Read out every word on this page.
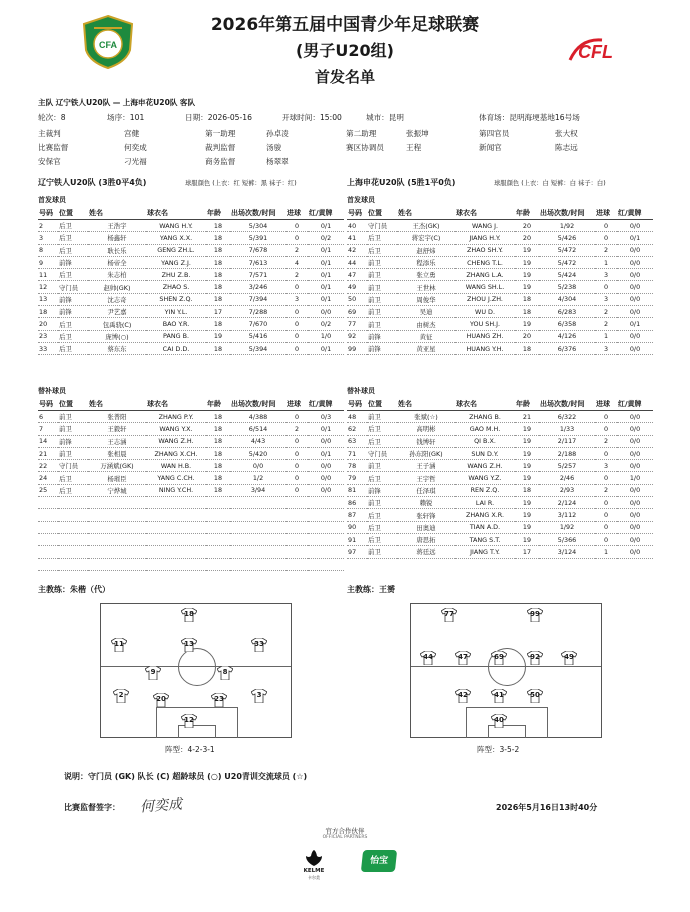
CFA
2026年第五届中国青少年足球联赛
(男子U20组)
首发名单
CFL
主队 辽宁铁人U20队 — 上海申花U20队 客队
轮次：8	场序：101	日期：2026-05-16	开球时间：15:00	城市：昆明	体育场：昆明海埂基地16号场
主裁判	宫健	第一助理	孙卓凌	第二助理	张振坤	第四官员	张大权
比赛监督	何奕成	裁判监督	汤骏	赛区协调员	王程	新闻官	陈志远
安保官	刁光福	商务监督	杨翠翠
辽宁铁人U20队 (3胜0平4负)	球服颜色 (上衣：红 短裤：黑 袜子：红)
首发球员
上海申花U20队 (5胜1平0负)	球服颜色 (上衣：白 短裤：白 袜子：白)
首发球员
号码	位置	姓名	球衣名	年龄	出场次数/时间	进球	红/黄牌
2	后卫	王浩宇	WANG H.Y.	18	5/304	0	0/1
3	后卫	杨鑫轩	YANG X.X.	18	5/391	0	0/2
8	后卫	耿长乐	GENG ZH.L.	18	7/678	2	0/1
9	前锋	杨帝全	YANG Z.J.	18	7/613	4	0/1
11	后卫	朱志柏	ZHU Z.B.	18	7/571	2	0/1
12	守门员	赵帅(GK)	ZHAO S.	18	3/246	0	0/1
13	前锋	沈志奇	SHEN Z.Q.	18	7/394	3	0/1
18	前锋	尹艺嘉	YIN Y.L.	17	7/288	0	0/0
20	后卫	包禹骁(C)	BAO Y.R.	18	7/670	0	0/2
23	后卫	庞博(○)	PANG B.	19	5/416	0	1/0
33	后卫	蔡东东	CAI D.D.	18	5/394	0	0/1
号码	位置	姓名	球衣名	年龄	出场次数/时间	进球	红/黄牌
40	守门员	王杰(GK)	WANG J.	20	1/92	0	0/0
41	后卫	蒋宏宇(C)	JIANG H.Y.	20	5/426	0	0/1
42	后卫	赵舒炜	ZHAO SH.Y.	19	5/472	2	0/0
44	前卫	程添乐	CHENG T.L.	19	5/472	1	0/0
47	前卫	张立勇	ZHANG L.A.	19	5/424	3	0/0
49	前卫	王世林	WANG SH.L.	19	5/238	0	0/0
50	前卫	周俊华	ZHOU J.ZH.	18	4/304	3	0/0
69	前卫	吴迪	WU D.	18	6/283	2	0/0
77	前卫	由树杰	YOU SH.J.	19	6/358	2	0/1
92	前锋	黄征	HUANG ZH.	20	4/126	1	0/0
99	前锋	黄亚星	HUANG Y.H.	18	6/376	3	0/0
替补球员	替补球员
号码	位置	姓名	球衣名	年龄	出场次数/时间	进球	红/黄牌
6	前卫	张普阳	ZHANG P.Y.	18	4/388	0	0/3
7	前卫	王毅轩	WANG Y.X.	18	6/514	2	0/1
14	前锋	王志涵	WANG Z.H.	18	4/43	0	0/0
21	前卫	张相晨	ZHANG X.CH.	18	5/420	0	0/1
22	守门员	万涵斌(GK)	WAN H.B.	18	0/0	0	0/0
24	后卫	杨璀臣	YANG C.CH.	18	1/2	0	0/0
25	后卫	宁烨城	NING Y.CH.	18	3/94	0	0/0

号码	位置	姓名	球衣名	年龄	出场次数/时间	进球	红/黄牌
48	前卫	张斌(☆)	ZHANG B.	21	6/322	0	0/0
62	后卫	高明彬	GAO M.H.	19	1/33	0	0/0
63	后卫	钱博轩	QI B.X.	19	2/117	2	0/0
71	守门员	孙东阳(GK)	SUN D.Y.	19	2/188	0	0/0
78	前卫	王子涵	WANG Z.H.	19	5/257	3	0/0
79	后卫	王宇哲	WANG Y.Z.	19	2/46	0	1/0
81	前锋	任泽琪	REN Z.Q.	18	2/93	2	0/0
86	前卫	赖锐	LAI R.	19	2/124	0	0/0
87	后卫	张轩锋	ZHANG X.R.	19	3/112	0	0/0
90	后卫	田奥迪	TIAN A.D.	19	1/92	0	0/0
91	后卫	唐思拓	TANG S.T.	19	5/366	0	0/0
97	前卫	蒋廷远	JIANG T.Y.	17	3/124	1	0/0
主教练：朱楷（代）	主教练：王赟
18
11	13	33
9	8
2	20	23	3
12
77	99
44	47	69	92	49
42	41	50
40
阵型：4-2-3-1	阵型：3-5-2
说明：守门员 (GK) 队长 (C) 超龄球员 (○) U20青训交流球员 (☆)
比赛监督签字： 何奕成	2026年5月16日13时40分
官方合作伙伴
OFFICIAL PARTNERS
KELME
卡尔美
怡宝
